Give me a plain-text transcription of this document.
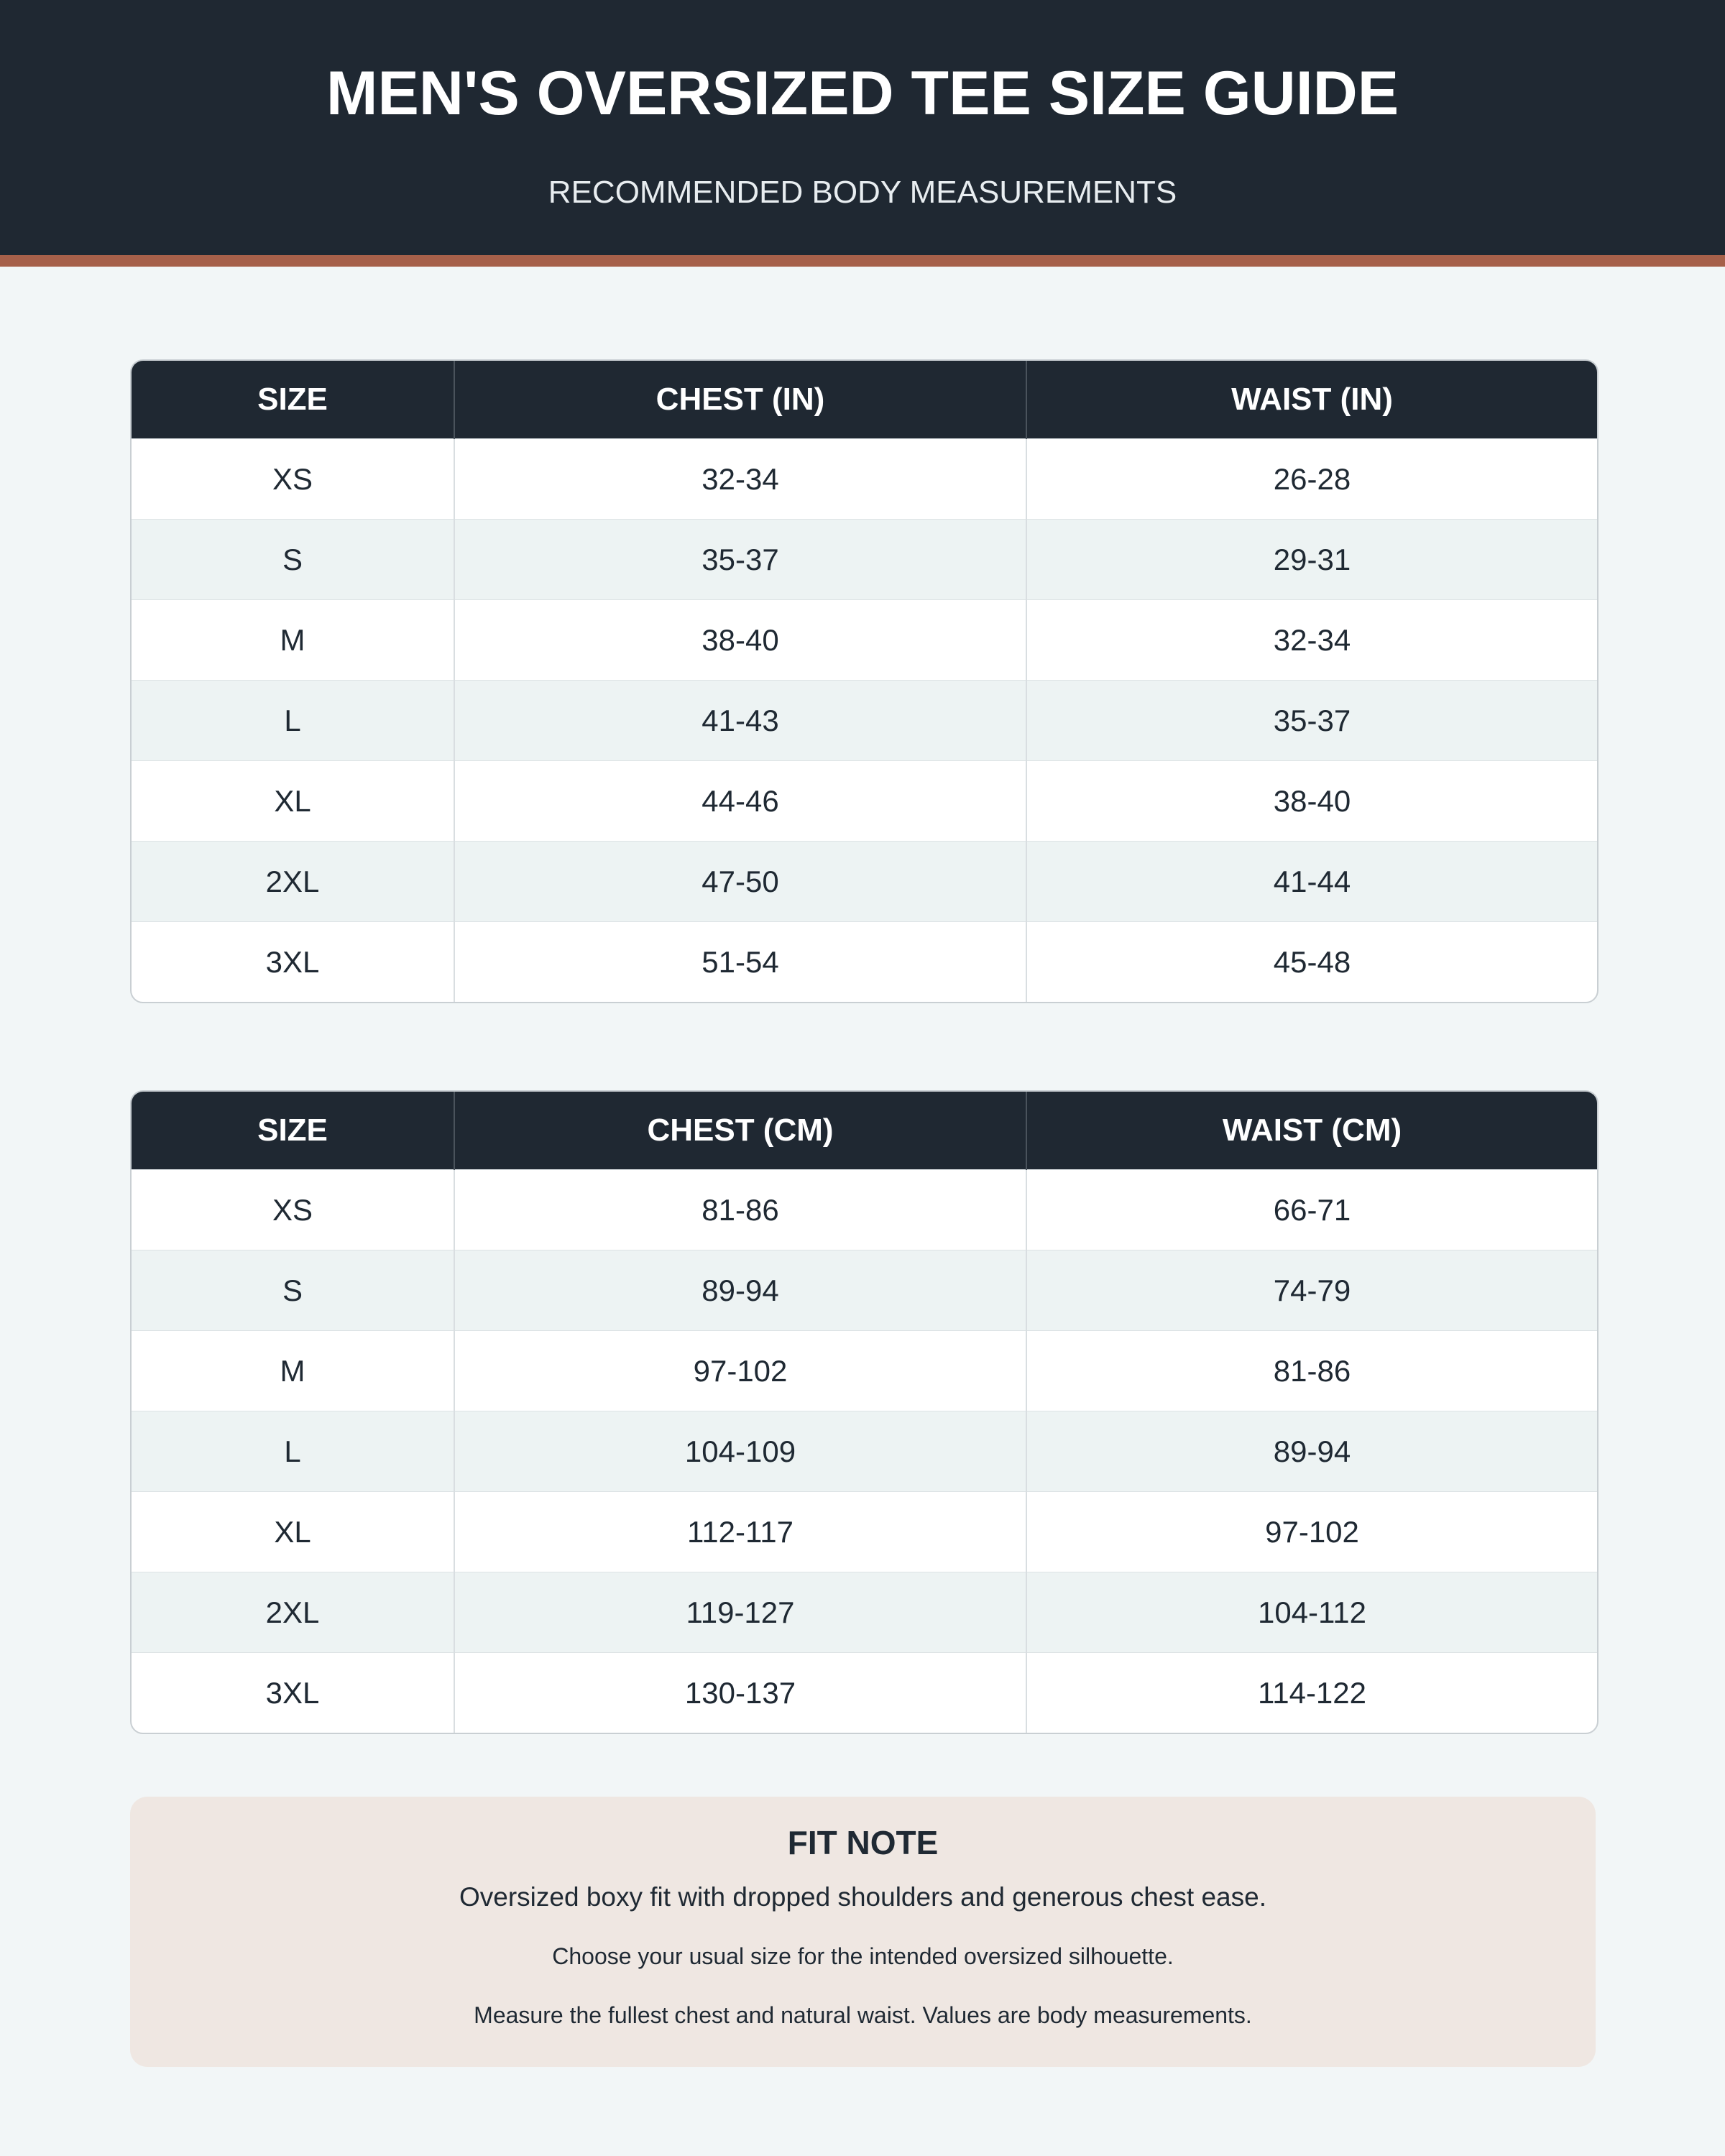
MEN'S OVERSIZED TEE SIZE GUIDE
RECOMMENDED BODY MEASUREMENTS
SIZE	CHEST (IN)	WAIST (IN)
XS	32-34	26-28
S	35-37	29-31
M	38-40	32-34
L	41-43	35-37
XL	44-46	38-40
2XL	47-50	41-44
3XL	51-54	45-48
SIZE	CHEST (CM)	WAIST (CM)
XS	81-86	66-71
S	89-94	74-79
M	97-102	81-86
L	104-109	89-94
XL	112-117	97-102
2XL	119-127	104-112
3XL	130-137	114-122
FIT NOTE
Oversized boxy fit with dropped shoulders and generous chest ease.
Choose your usual size for the intended oversized silhouette.
Measure the fullest chest and natural waist. Values are body measurements.
